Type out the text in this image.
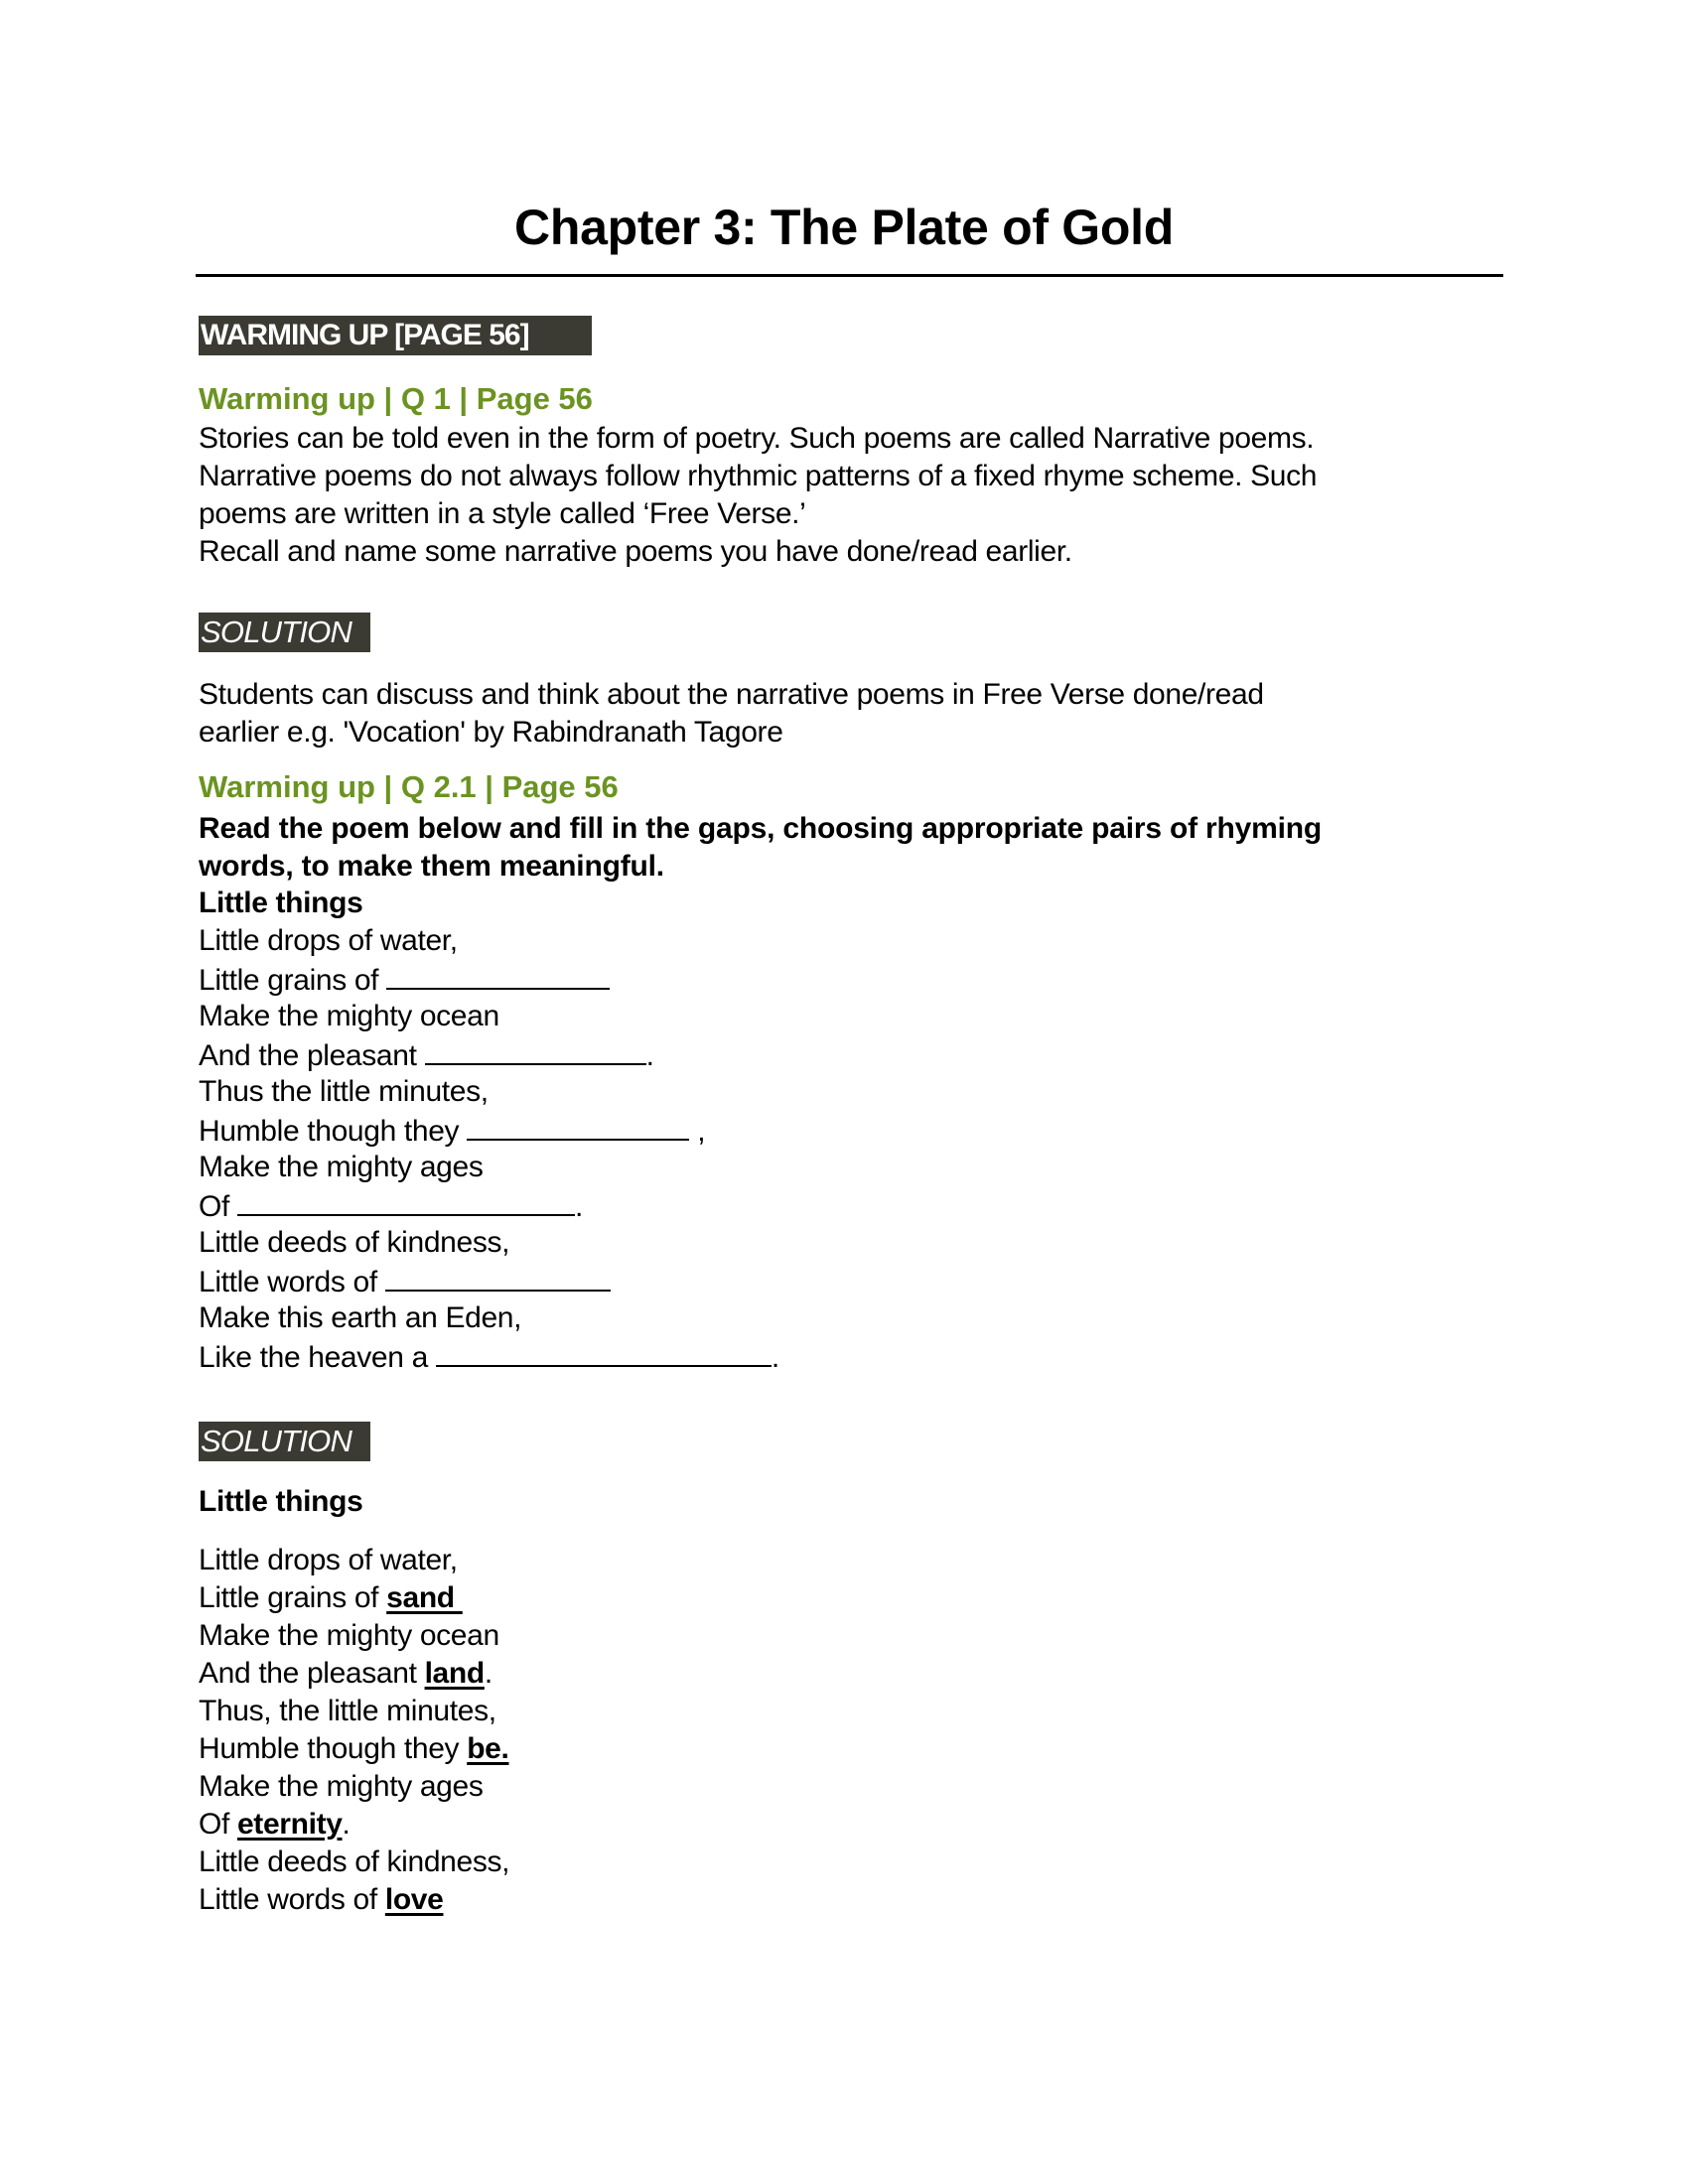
Chapter 3: The Plate of Gold
WARMING UP [PAGE 56]
Warming up | Q 1 | Page 56
Stories can be told even in the form of poetry. Such poems are called Narrative poems.
Narrative poems do not always follow rhythmic patterns of a fixed rhyme scheme. Such
poems are written in a style called ‘Free Verse.’
Recall and name some narrative poems you have done/read earlier.
SOLUTION
Students can discuss and think about the narrative poems in Free Verse done/read
earlier e.g. 'Vocation' by Rabindranath Tagore
Warming up | Q 2.1 | Page 56
Read the poem below and fill in the gaps, choosing appropriate pairs of rhyming
words, to make them meaningful.
Little things
Little drops of water,
Little grains of
Make the mighty ocean
And the pleasant	.
Thus the little minutes,
Humble though they	,
Make the mighty ages
Of	.
Little deeds of kindness,
Little words of
Make this earth an Eden,
Like the heaven a	.
SOLUTION
Little things
Little drops of water,
Little grains of sand
Make the mighty ocean
And the pleasant land.
Thus, the little minutes,
Humble though they be.
Make the mighty ages
Of eternity.
Little deeds of kindness,
Little words of love
